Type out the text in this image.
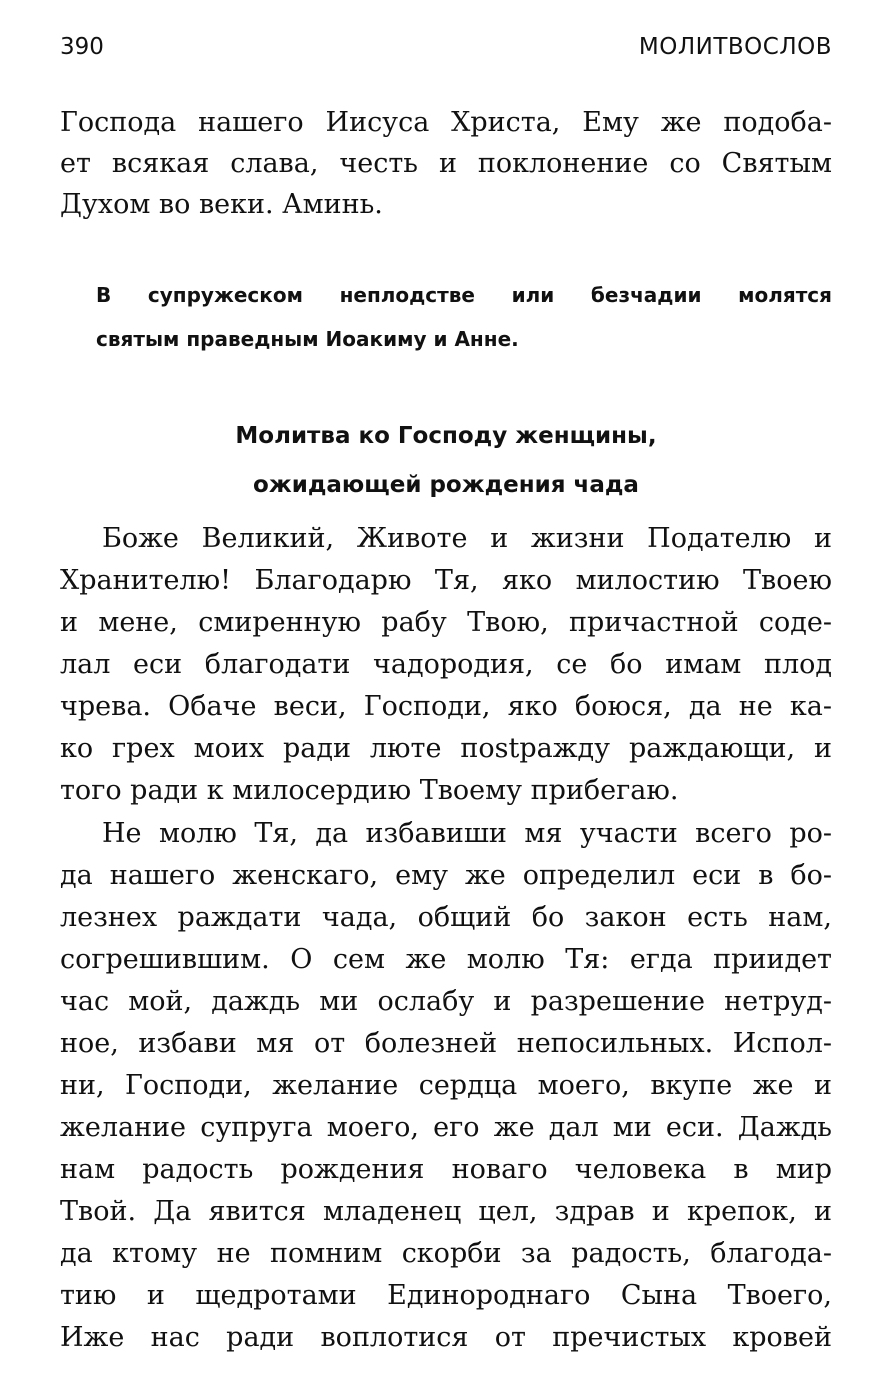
390	МОЛИТВОСЛОВ
Господа нашего Иисуса Христа, Ему же подоба-
ет всякая слава, честь и поклонение со Святым
Духом во веки. Аминь.
В супружеском неплодстве или безчадии молятся
святым праведным Иоакиму и Анне.
Молитва ко Господу женщины,
ожидающей рождения чада
Боже Великий, Животе и жизни Подателю и
Хранителю! Благодарю Тя, яко милостию Твоею
и мене, смиренную рабу Твою, причастной соде-
лал еси благодати чадородия, се бо имам плод
чрева. Обаче веси, Господи, яко боюся, да не ка-
ко грех моих ради люте пostражду раждающи, и
того ради к милосердию Твоему прибегаю.
Не молю Тя, да избавиши мя участи всего ро-
да нашего женскаго, ему же определил еси в бо-
лезнех раждати чада, общий бо закон есть нам,
согрешившим. О сем же молю Тя: егда приидет
час мой, даждь ми ослабу и разрешение нетруд-
ное, избави мя от болезней непосильных. Испол-
ни, Господи, желание сердца моего, вкупе же и
желание супруга моего, его же дал ми еси. Даждь
нам радость рождения новаго человека в мир
Твой. Да явится младенец цел, здрав и крепок, и
да ктому не помним скорби за радость, благода-
тию и щедротами Единороднаго Сына Твоего,
Иже нас ради воплотися от пречистых кровей
